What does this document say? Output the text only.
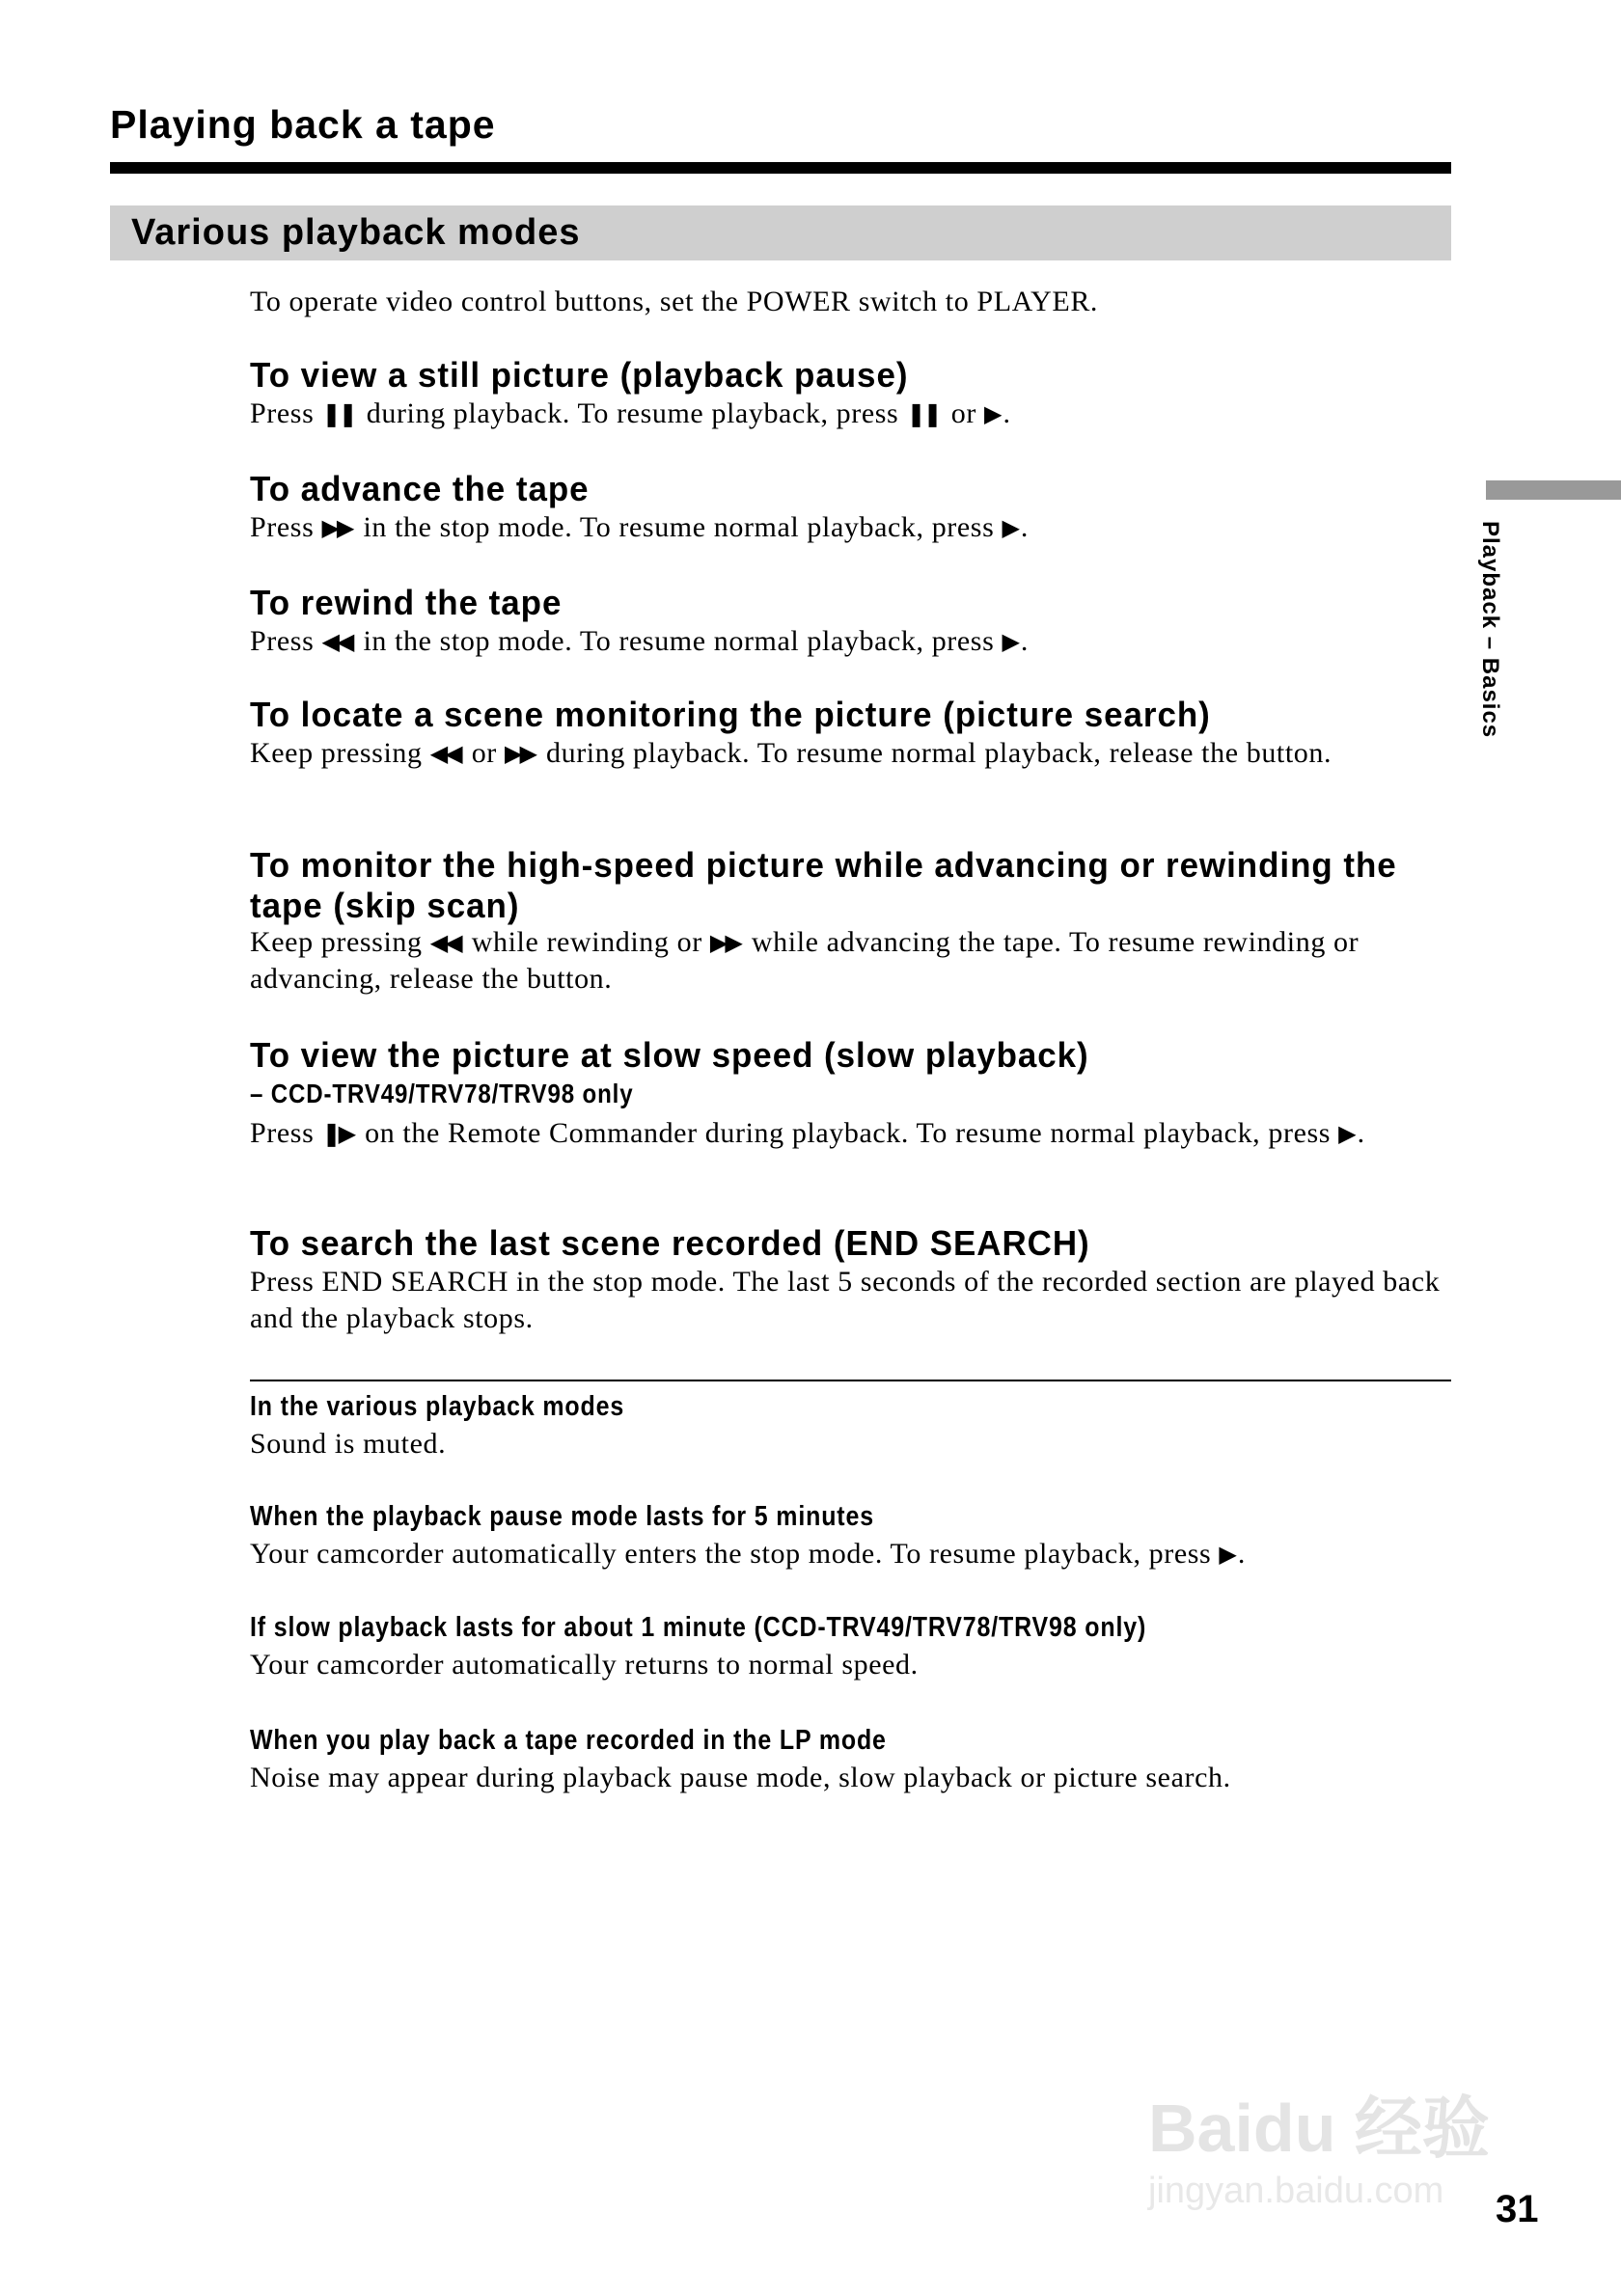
Playing back a tape
Various playback modes
To operate video control buttons, set the POWER switch to PLAYER.
To view a still picture (playback pause)
Press ❚❚ during playback. To resume playback, press ❚❚ or ▶ .
To advance the tape
Press ▶▶ in the stop mode. To resume normal playback, press ▶ .
To rewind the tape
Press ◀◀ in the stop mode. To resume normal playback, press ▶ .
To locate a scene monitoring the picture (picture search)
Keep pressing ◀◀ or ▶▶ during playback. To resume normal playback, release the button.
To monitor the high-speed picture while advancing or rewinding the tape (skip scan)
Keep pressing ◀◀ while rewinding or ▶▶ while advancing the tape. To resume rewinding or advancing, release the button.
To view the picture at slow speed (slow playback)
– CCD-TRV49/TRV78/TRV98 only
Press ❚▶ on the Remote Commander during playback. To resume normal playback, press ▶ .
To search the last scene recorded (END SEARCH)
Press END SEARCH in the stop mode. The last 5 seconds of the recorded section are played back and the playback stops.
In the various playback modes
Sound is muted.
When the playback pause mode lasts for 5 minutes
Your camcorder automatically enters the stop mode. To resume playback, press ▶ .
If slow playback lasts for about 1 minute (CCD-TRV49/TRV78/TRV98 only)
Your camcorder automatically returns to normal speed.
When you play back a tape recorded in the LP mode
Noise may appear during playback pause mode, slow playback or picture search.
Playback – Basics
31
Baidu 经验
jingyan.baidu.com
